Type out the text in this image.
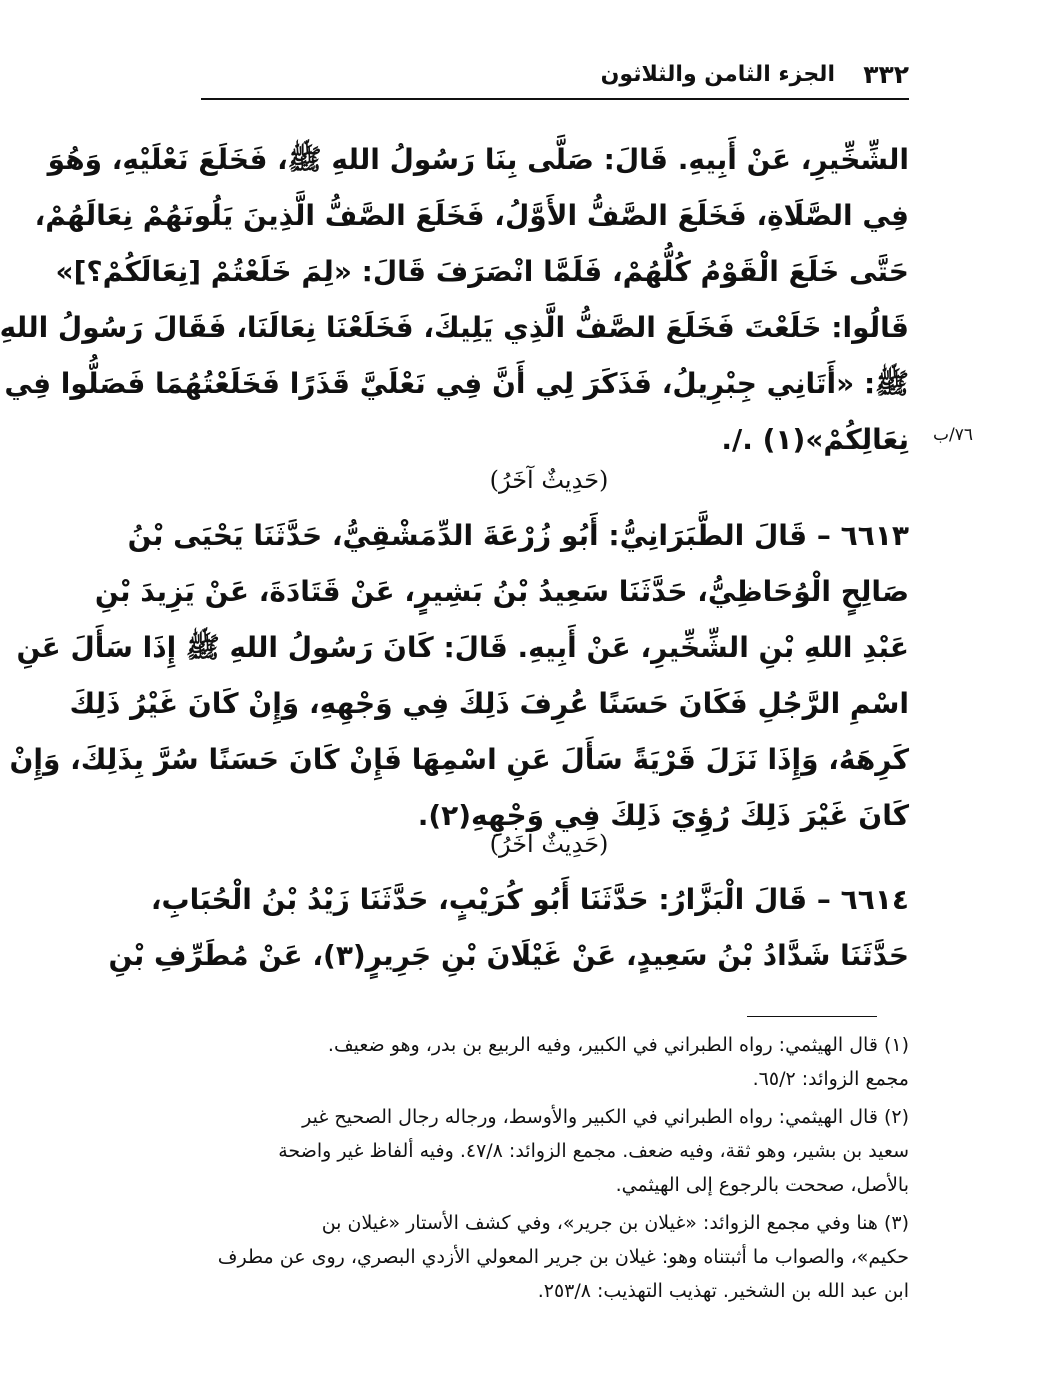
٣٣٢
الجزء الثامن والثلاثون
الشِّخِّيرِ، عَنْ أَبِيهِ. قَالَ: صَلَّى بِنَا رَسُولُ اللهِ ﷺ، فَخَلَعَ نَعْلَيْهِ، وَهُوَ
فِي الصَّلَاةِ، فَخَلَعَ الصَّفُّ الأَوَّلُ، فَخَلَعَ الصَّفُّ الَّذِينَ يَلُونَهُمْ نِعَالَهُمْ،
حَتَّى خَلَعَ الْقَوْمُ كُلُّهُمْ، فَلَمَّا انْصَرَفَ قَالَ: «لِمَ خَلَعْتُمْ [نِعَالَكُمْ؟]»
قَالُوا: خَلَعْتَ فَخَلَعَ الصَّفُّ الَّذِي يَلِيكَ، فَخَلَعْنَا نِعَالَنَا، فَقَالَ رَسُولُ اللهِ
ﷺ: «أَتَانِي جِبْرِيلُ، فَذَكَرَ لِي أَنَّ فِي نَعْلَيَّ قَذَرًا فَخَلَعْتُهُمَا فَصَلُّوا فِي
نِعَالِكُمْ»(١) ./. ٧٦/ب
(حَدِيثٌ آخَرُ)
٦٦١٣ – قَالَ الطَّبَرَانِيُّ: أَبُو زُرْعَةَ الدِّمَشْقِيُّ، حَدَّثَنَا يَحْيَى بْنُ
صَالِحٍ الْوُحَاظِيُّ، حَدَّثَنَا سَعِيدُ بْنُ بَشِيرٍ، عَنْ قَتَادَةَ، عَنْ يَزِيدَ بْنِ
عَبْدِ اللهِ بْنِ الشِّخِّيرِ، عَنْ أَبِيهِ. قَالَ: كَانَ رَسُولُ اللهِ ﷺ إِذَا سَأَلَ عَنِ
اسْمِ الرَّجُلِ فَكَانَ حَسَنًا عُرِفَ ذَلِكَ فِي وَجْهِهِ، وَإِنْ كَانَ غَيْرُ ذَلِكَ
كَرِهَهُ، وَإِذَا نَزَلَ قَرْيَةً سَأَلَ عَنِ اسْمِهَا فَإِنْ كَانَ حَسَنًا سُرَّ بِذَلِكَ، وَإِنْ
كَانَ غَيْرَ ذَلِكَ رُؤِيَ ذَلِكَ فِي وَجْهِهِ(٢).
(حَدِيثٌ آخَرُ)
٦٦١٤ – قَالَ الْبَزَّارُ: حَدَّثَنَا أَبُو كُرَيْبٍ، حَدَّثَنَا زَيْدُ بْنُ الْحُبَابِ،
حَدَّثَنَا شَدَّادُ بْنُ سَعِيدٍ، عَنْ غَيْلَانَ بْنِ جَرِيرٍ(٣)، عَنْ مُطَرِّفِ بْنِ
(١) قال الهيثمي: رواه الطبراني في الكبير، وفيه الربيع بن بدر، وهو ضعيف.
مجمع الزوائد: ٦٥/٢.
(٢) قال الهيثمي: رواه الطبراني في الكبير والأوسط، ورجاله رجال الصحيح غير
سعيد بن بشير، وهو ثقة، وفيه ضعف. مجمع الزوائد: ٤٧/٨. وفيه ألفاظ غير واضحة
بالأصل، صححت بالرجوع إلى الهيثمي.
(٣) هنا وفي مجمع الزوائد: «غيلان بن جرير»، وفي كشف الأستار «غيلان بن
حكيم»، والصواب ما أثبتناه وهو: غيلان بن جرير المعولي الأزدي البصري، روى عن مطرف
ابن عبد الله بن الشخير. تهذيب التهذيب: ٢٥٣/٨.
